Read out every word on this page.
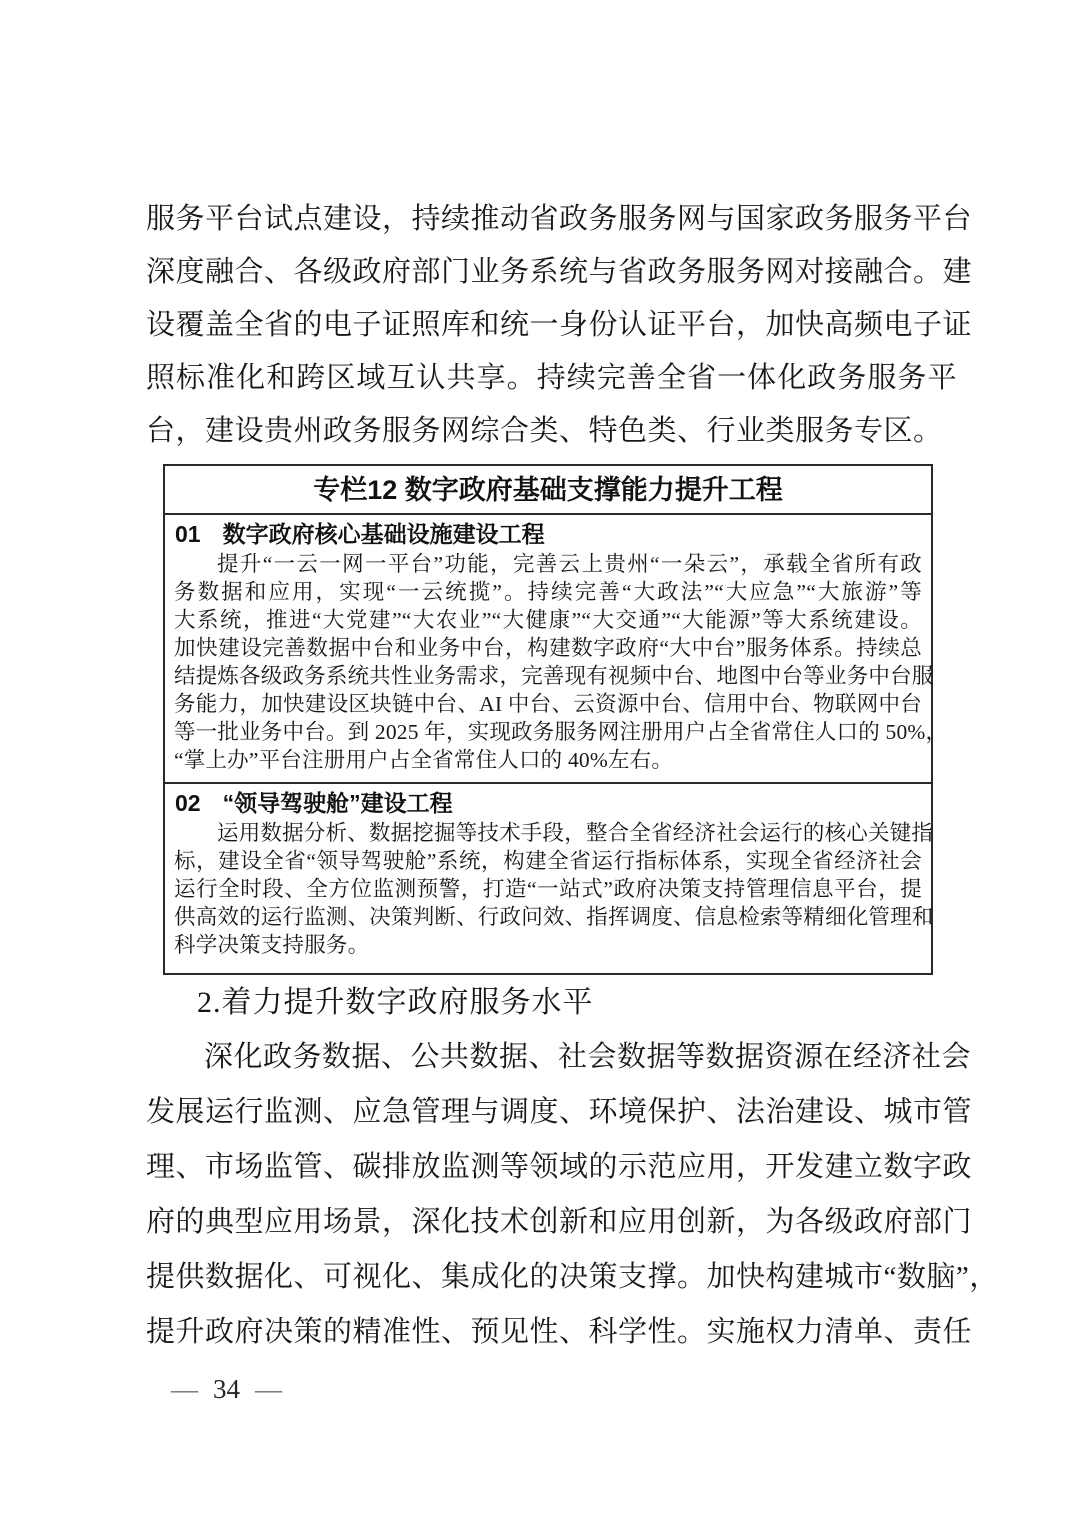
服务平台试点建设，持续推动省政务服务网与国家政务服务平台
深度融合、各级政府部门业务系统与省政务服务网对接融合。建
设覆盖全省的电子证照库和统一身份认证平台，加快高频电子证
照标准化和跨区域互认共享。持续完善全省一体化政务服务平
台，建设贵州政务服务网综合类、特色类、行业类服务专区。
专栏12 数字政府基础支撑能力提升工程
01 数字政府核心基础设施建设工程
提升“一云一网一平台”功能，完善云上贵州“一朵云”，承载全省所有政
务数据和应用，实现“一云统揽”。持续完善“大政法”“大应急”“大旅游”等
大系统，推进“大党建”“大农业”“大健康”“大交通”“大能源”等大系统建设。
加快建设完善数据中台和业务中台，构建数字政府“大中台”服务体系。持续总
结提炼各级政务系统共性业务需求，完善现有视频中台、地图中台等业务中台服
务能力，加快建设区块链中台、AI 中台、云资源中台、信用中台、物联网中台
等一批业务中台。到 2025 年，实现政务服务网注册用户占全省常住人口的 50%，
“掌上办”平台注册用户占全省常住人口的 40%左右。
02 “领导驾驶舱”建设工程
运用数据分析、数据挖掘等技术手段，整合全省经济社会运行的核心关键指
标，建设全省“领导驾驶舱”系统，构建全省运行指标体系，实现全省经济社会
运行全时段、全方位监测预警，打造“一站式”政府决策支持管理信息平台，提
供高效的运行监测、决策判断、行政问效、指挥调度、信息检索等精细化管理和
科学决策支持服务。
2.着力提升数字政府服务水平
深化政务数据、公共数据、社会数据等数据资源在经济社会
发展运行监测、应急管理与调度、环境保护、法治建设、城市管
理、市场监管、碳排放监测等领域的示范应用，开发建立数字政
府的典型应用场景，深化技术创新和应用创新，为各级政府部门
提供数据化、可视化、集成化的决策支撑。加快构建城市“数脑”，
提升政府决策的精准性、预见性、科学性。实施权力清单、责任
— 34 —
